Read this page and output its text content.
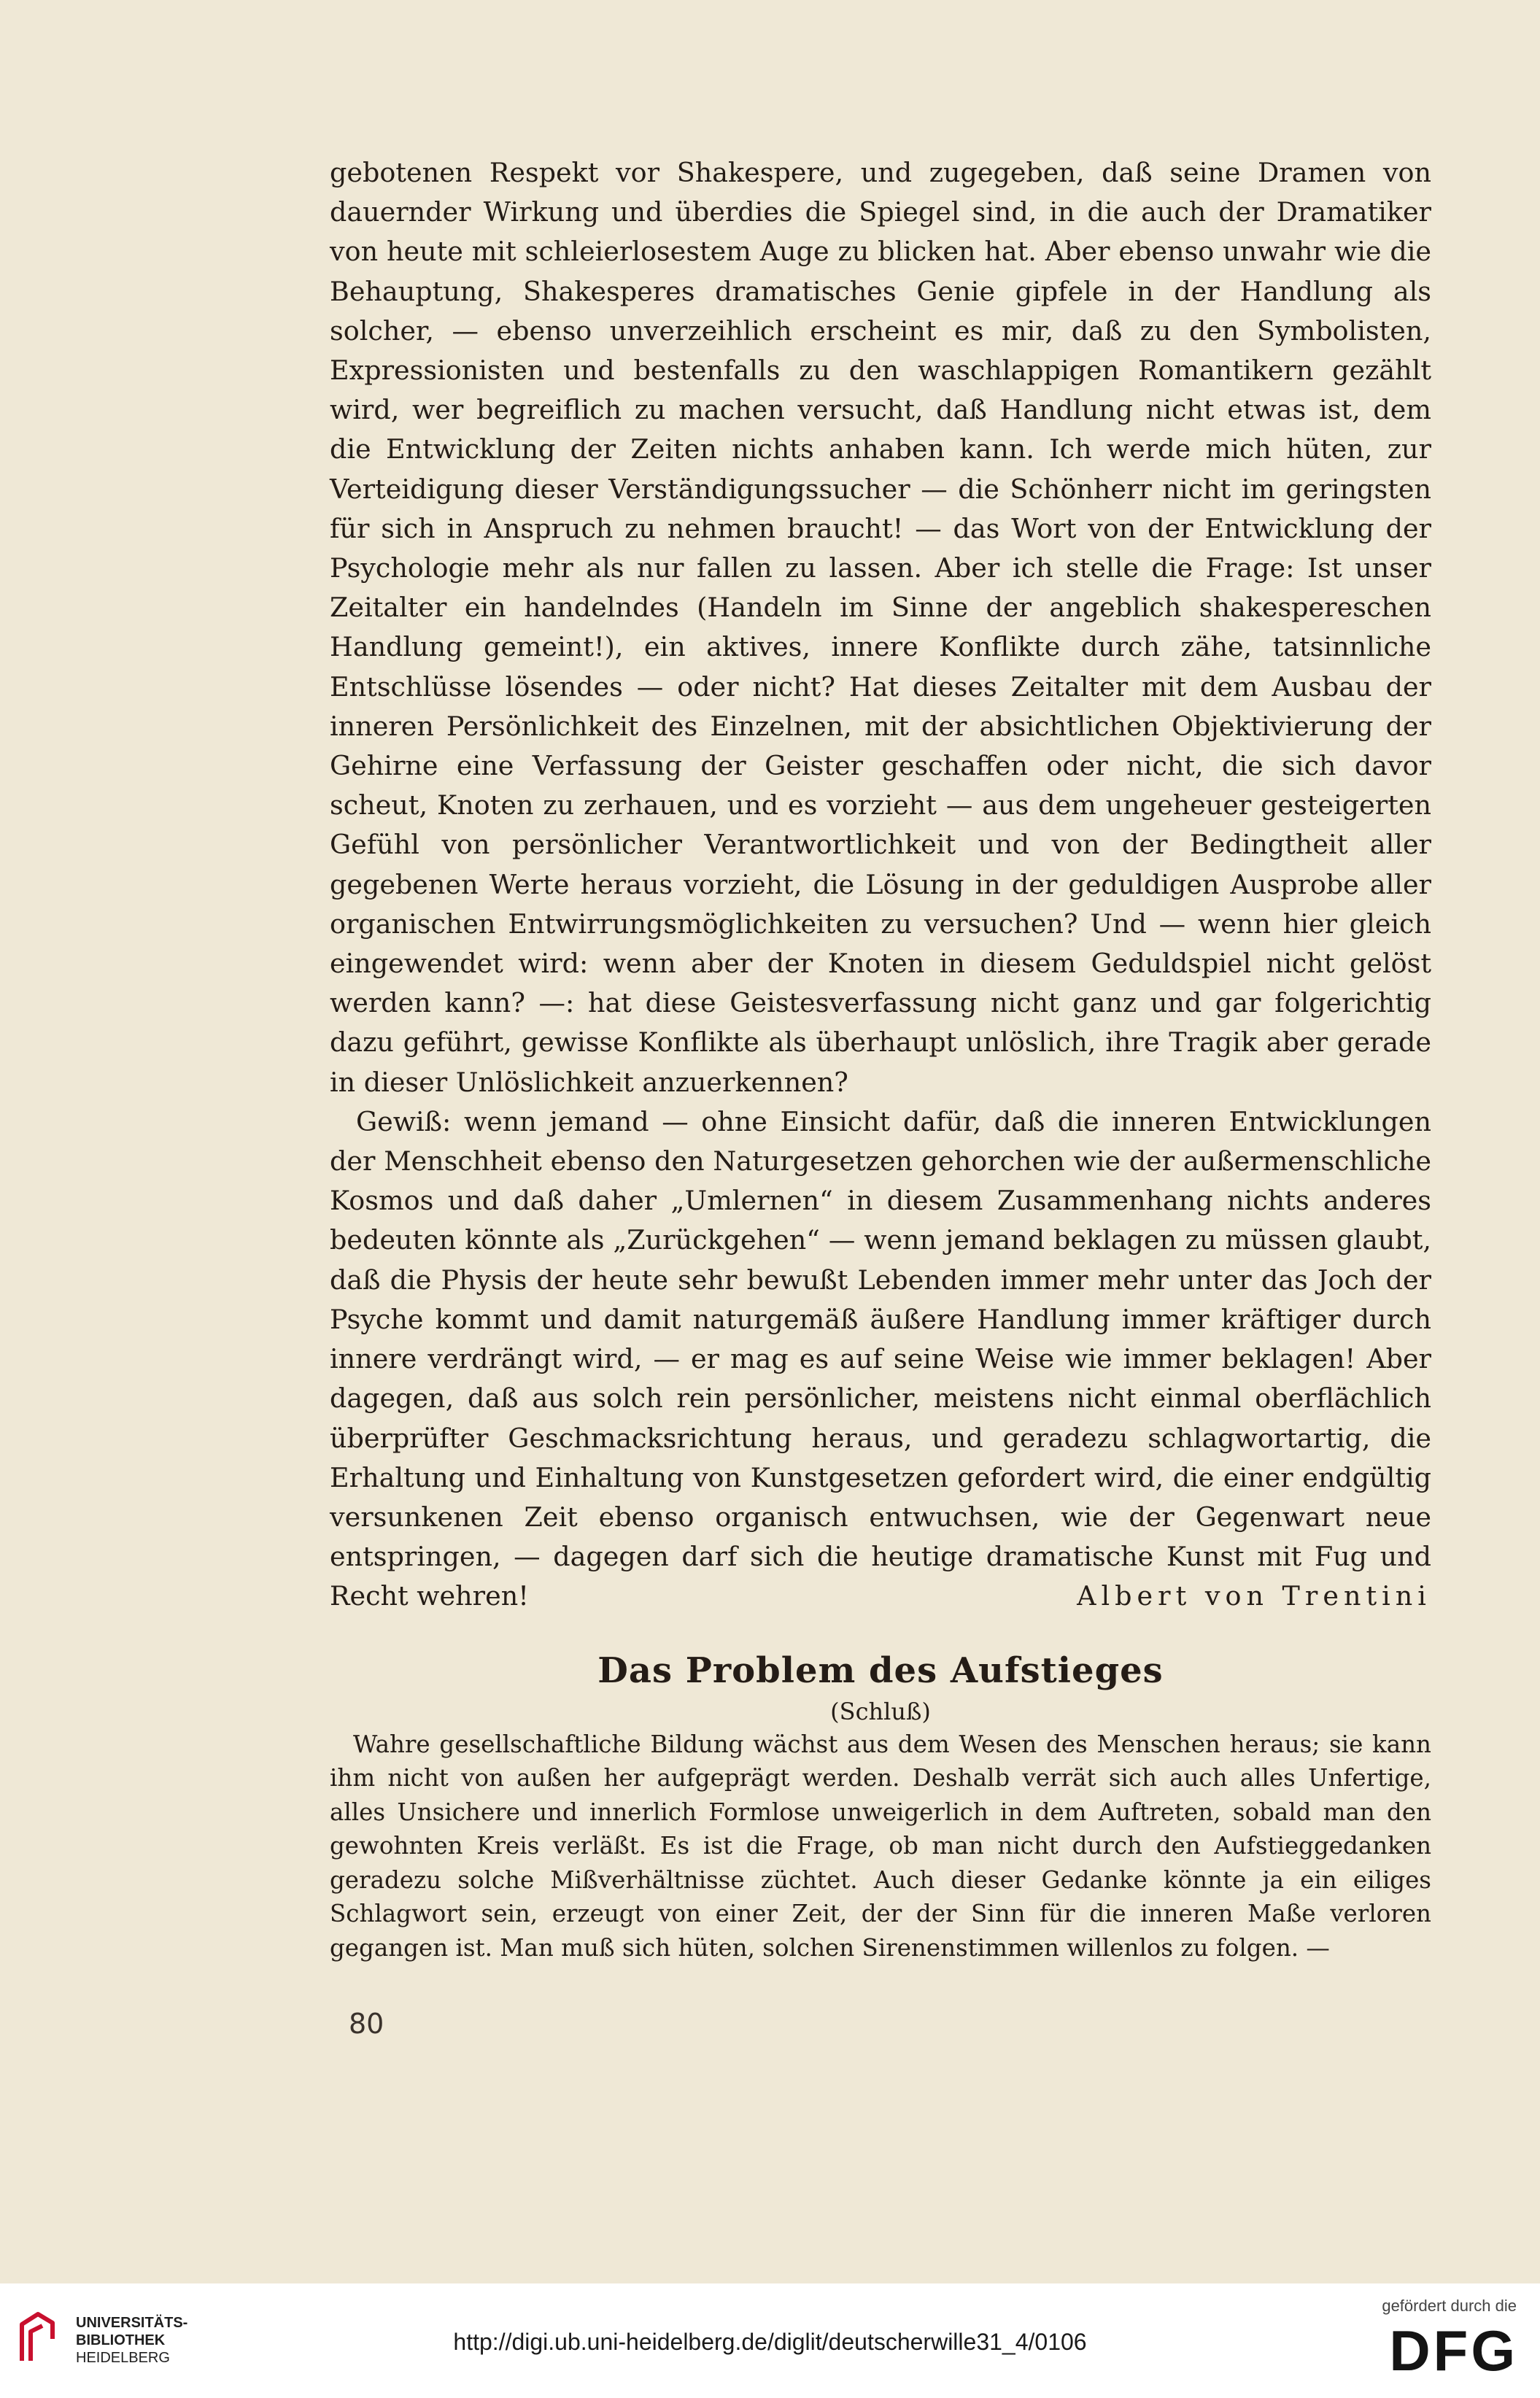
gebotenen Respekt vor Shakespere, und zugegeben, daß seine Dramen von dauernder Wirkung und überdies die Spiegel sind, in die auch der Dramatiker von heute mit schleierlosestem Auge zu blicken hat. Aber ebenso unwahr wie die Behauptung, Shakesperes dramatisches Genie gipfele in der Handlung als solcher, — ebenso unverzeihlich erscheint es mir, daß zu den Symbolisten, Expressionisten und bestenfalls zu den waschlappigen Romantikern gezählt wird, wer begreiflich zu machen versucht, daß Handlung nicht etwas ist, dem die Entwicklung der Zeiten nichts anhaben kann. Ich werde mich hüten, zur Verteidigung dieser Verständigungssucher — die Schönherr nicht im geringsten für sich in Anspruch zu nehmen braucht! — das Wort von der Entwicklung der Psychologie mehr als nur fallen zu lassen. Aber ich stelle die Frage: Ist unser Zeitalter ein handelndes (Handeln im Sinne der angeblich shakespereschen Handlung gemeint!), ein aktives, innere Konflikte durch zähe, tatsinnliche Entschlüsse lösendes — oder nicht? Hat dieses Zeitalter mit dem Ausbau der inneren Persönlichkeit des Einzelnen, mit der absichtlichen Objektivierung der Gehirne eine Verfassung der Geister geschaffen oder nicht, die sich davor scheut, Knoten zu zerhauen, und es vorzieht — aus dem ungeheuer gesteigerten Gefühl von persönlicher Verantwortlichkeit und von der Bedingtheit aller gegebenen Werte heraus vorzieht, die Lösung in der geduldigen Ausprobe aller organischen Entwirrungsmöglichkeiten zu versuchen? Und — wenn hier gleich eingewendet wird: wenn aber der Knoten in diesem Geduldspiel nicht gelöst werden kann? —: hat diese Geistesverfassung nicht ganz und gar folgerichtig dazu geführt, gewisse Konflikte als überhaupt unlöslich, ihre Tragik aber gerade in dieser Unlöslichkeit anzuerkennen?

Gewiß: wenn jemand — ohne Einsicht dafür, daß die inneren Entwicklungen der Menschheit ebenso den Naturgesetzen gehorchen wie der außermenschliche Kosmos und daß daher „Umlernen“ in diesem Zusammenhang nichts anderes bedeuten könnte als „Zurückgehen“ — wenn jemand beklagen zu müssen glaubt, daß die Physis der heute sehr bewußt Lebenden immer mehr unter das Joch der Psyche kommt und damit naturgemäß äußere Handlung immer kräftiger durch innere verdrängt wird, — er mag es auf seine Weise wie immer beklagen! Aber dagegen, daß aus solch rein persönlicher, meistens nicht einmal oberflächlich überprüfter Geschmacksrichtung heraus, und geradezu schlagwortartig, die Erhaltung und Einhaltung von Kunstgesetzen gefordert wird, die einer endgültig versunkenen Zeit ebenso organisch entwuchsen, wie der Gegenwart neue entspringen, — dagegen darf sich die heutige dramatische Kunst mit Fug und Recht wehren!	Albert von Trentini

Das Problem des Aufstieges
(Schluß)

Wahre gesellschaftliche Bildung wächst aus dem Wesen des Menschen heraus; sie kann ihm nicht von außen her aufgeprägt werden. Deshalb verrät sich auch alles Unfertige, alles Unsichere und innerlich Formlose unweigerlich in dem Auftreten, sobald man den gewohnten Kreis verläßt. Es ist die Frage, ob man nicht durch den Aufstieggedanken geradezu solche Mißverhältnisse züchtet. Auch dieser Gedanke könnte ja ein eiliges Schlagwort sein, erzeugt von einer Zeit, der der Sinn für die inneren Maße verloren gegangen ist. Man muß sich hüten, solchen Sirenenstimmen willenlos zu folgen. —

80
UNIVERSITÄTS-
BIBLIOTHEK
HEIDELBERG
http://digi.ub.uni-heidelberg.de/diglit/deutscherwille31_4/0106
gefördert durch die
DFG
